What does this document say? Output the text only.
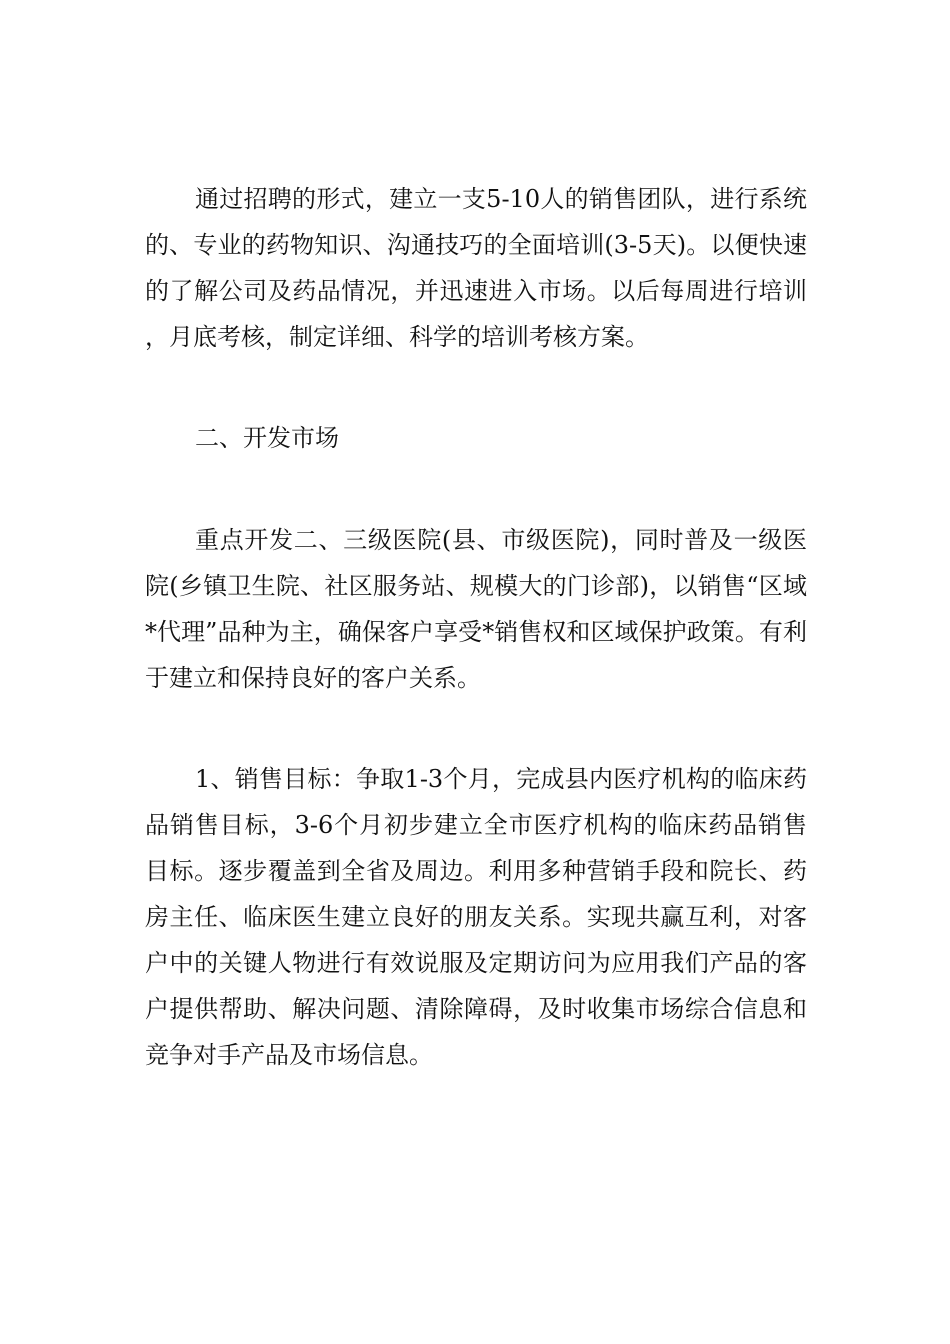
通过招聘的形式，建立一支5-10人的销售团队，进行系统的、专业的药物知识、沟通技巧的全面培训(3-5天)。以便快速的了解公司及药品情况，并迅速进入市场。以后每周进行培训，月底考核，制定详细、科学的培训考核方案。

二、开发市场

重点开发二、三级医院(县、市级医院)，同时普及一级医院(乡镇卫生院、社区服务站、规模大的门诊部)，以销售“区域*代理”品种为主，确保客户享受*销售权和区域保护政策。有利于建立和保持良好的客户关系。

1、销售目标：争取1-3个月，完成县内医疗机构的临床药品销售目标，3-6个月初步建立全市医疗机构的临床药品销售目标。逐步覆盖到全省及周边。利用多种营销手段和院长、药房主任、临床医生建立良好的朋友关系。实现共赢互利，对客户中的关键人物进行有效说服及定期访问为应用我们产品的客户提供帮助、解决问题、清除障碍，及时收集市场综合信息和竞争对手产品及市场信息。
